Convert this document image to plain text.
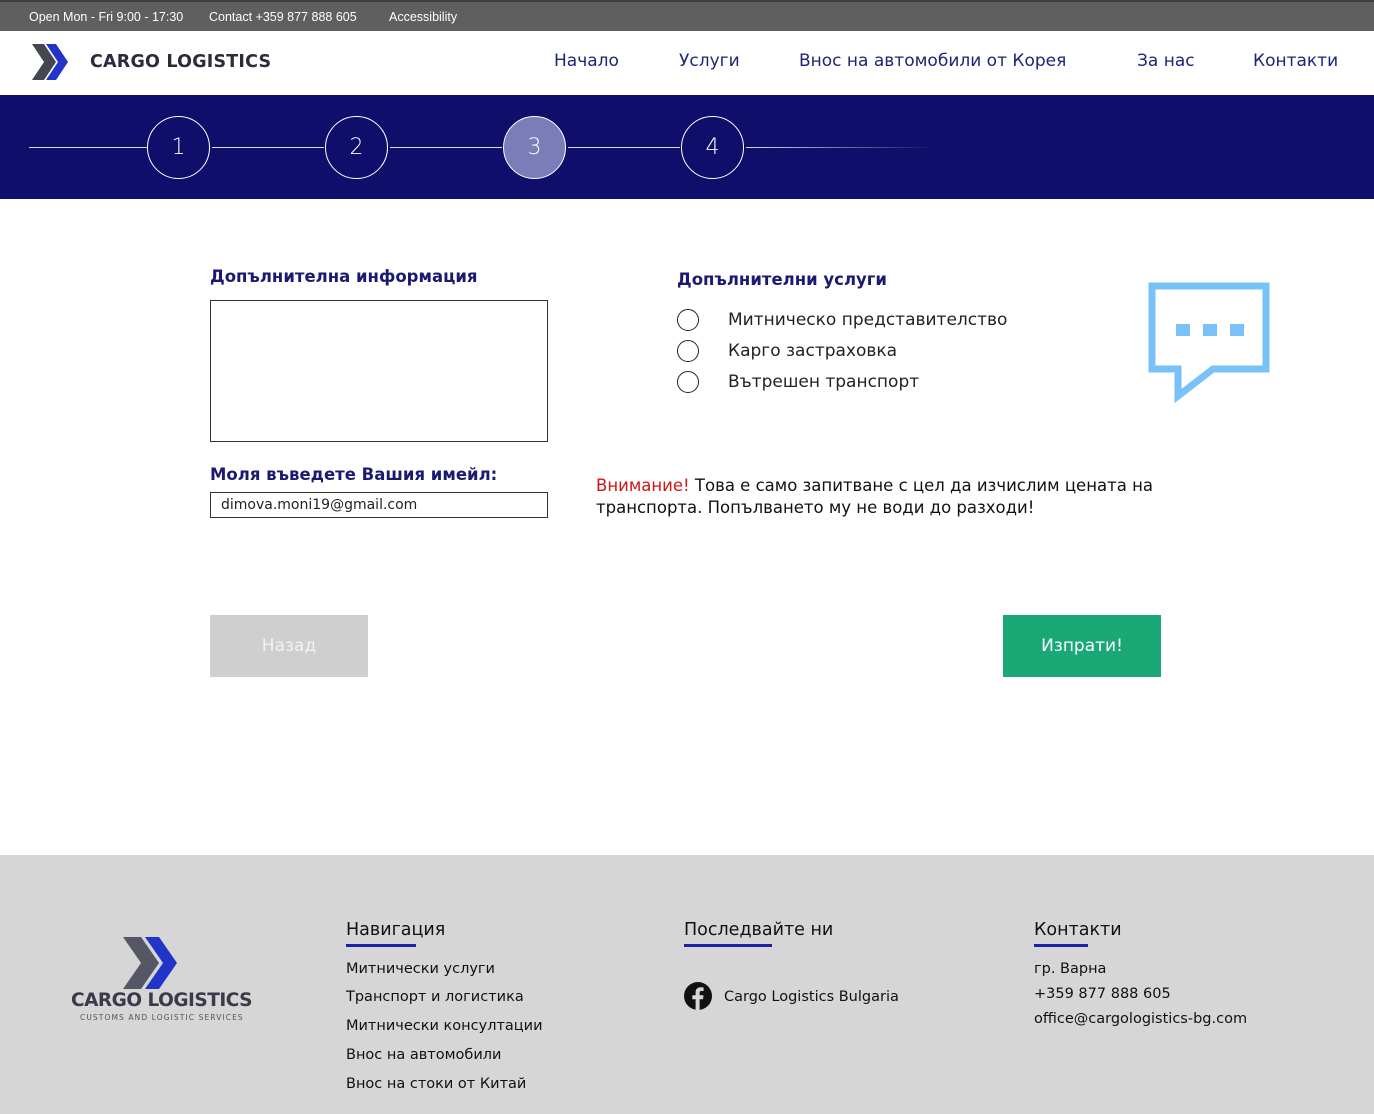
Open Mon - Fri 9:00 - 17:30 Contact +359 877 888 605	Accessibility
CARGO LOGISTICS	Начало	Услуги	Внос на автомобили от Корея	За нас	Контакти
1	2	3	4
Допълнителна информация
Моля въведете Вашия имейл:
dimova.moni19@gmail.com
Допълнителни услуги
Митническо представителство
Карго застраховка
Вътрешен транспорт
Внимание! Това е само запитване с цел да изчислим цената на транспорта. Попълването му не води до разходи!
Назад	Изпрати!
CARGO LOGISTICS
CUSTOMS AND LOGISTIC SERVICES
Навигация
Митнически услуги
Транспорт и логистика
Митнически консултации
Внос на автомобили
Внос на стоки от Китай
Последвайте ни
Cargo Logistics Bulgaria
Контакти
гр. Варна
+359 877 888 605
office@cargologistics-bg.com
